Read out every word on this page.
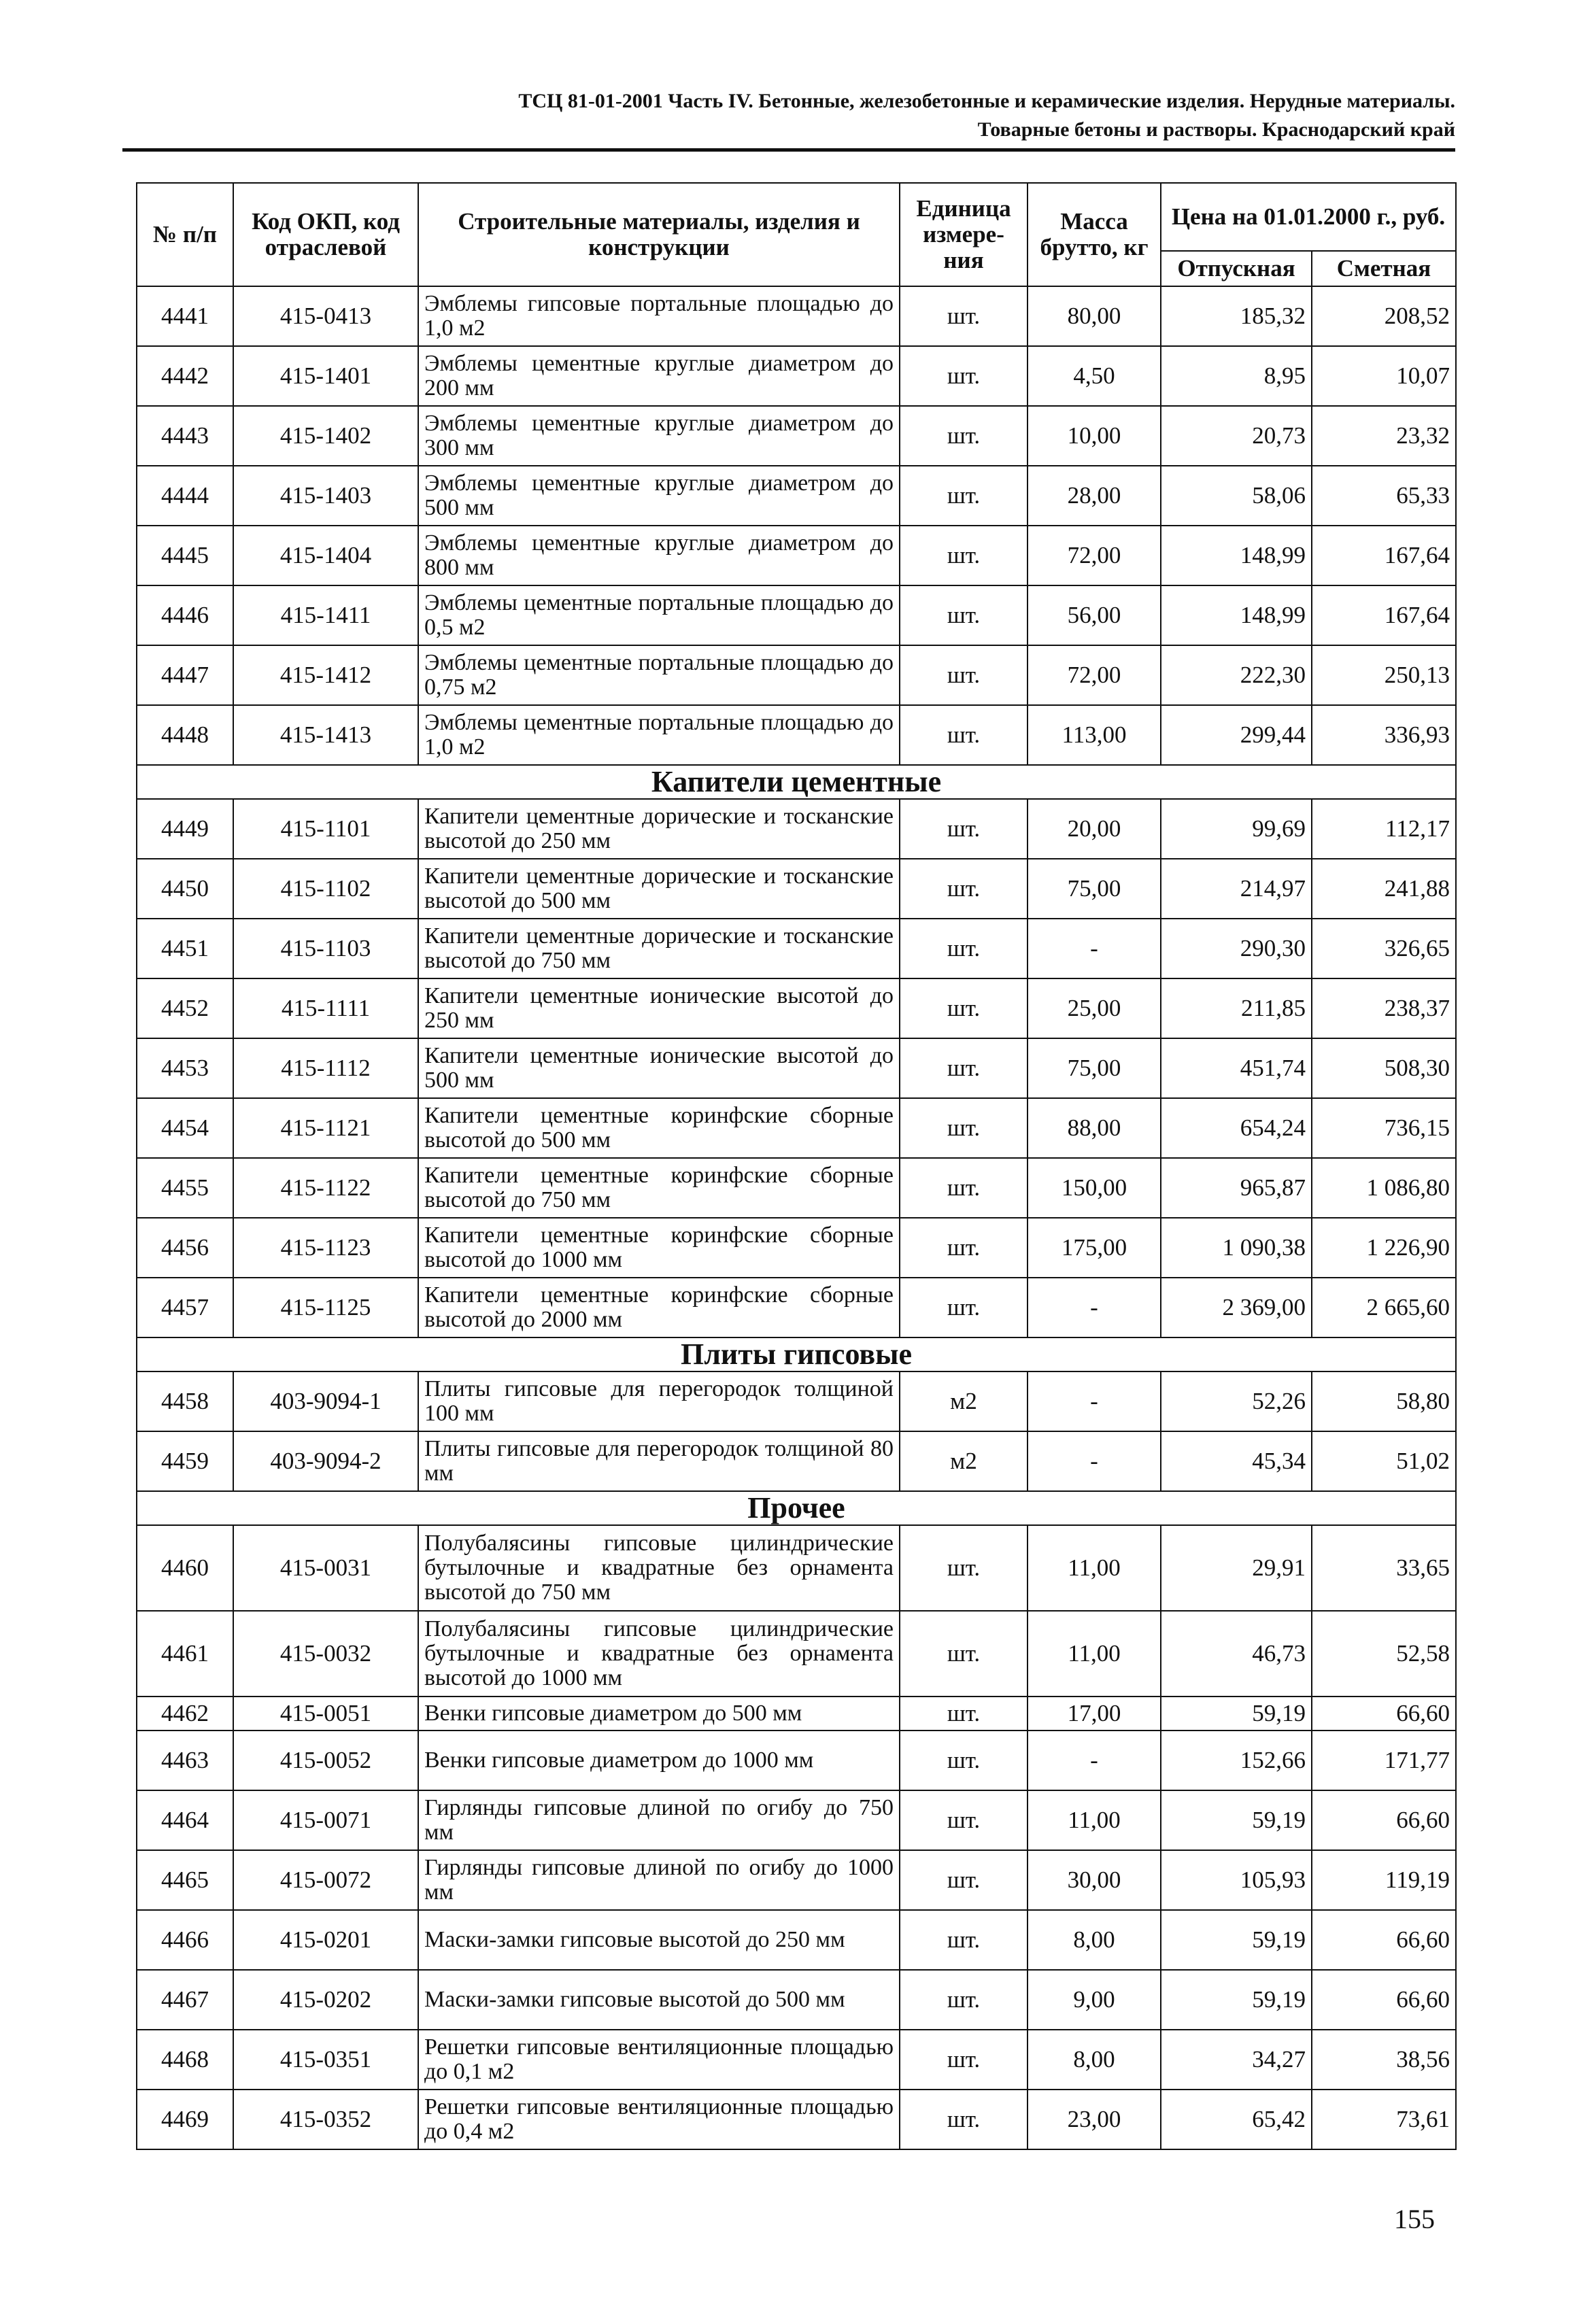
ТСЦ 81-01-2001 Часть IV. Бетонные, железобетонные и керамические изделия. Нерудные материалы.
Товарные бетоны и растворы. Краснодарский край
№ п/п	Код ОКП, код отраслевой	Строительные материалы, изделия и конструкции	Единица измере-ния	Масса брутто, кг	Цена на 01.01.2000 г., руб.	
					Отпускная	Сметная
4441	415-0413	Эмблемы гипсовые портальные площадью до 1,0 м2	шт.	80,00	185,32	208,52
4442	415-1401	Эмблемы цементные круглые диаметром до 200 мм	шт.	4,50	8,95	10,07
4443	415-1402	Эмблемы цементные круглые диаметром до 300 мм	шт.	10,00	20,73	23,32
4444	415-1403	Эмблемы цементные круглые диаметром до 500 мм	шт.	28,00	58,06	65,33
4445	415-1404	Эмблемы цементные круглые диаметром до 800 мм	шт.	72,00	148,99	167,64
4446	415-1411	Эмблемы цементные портальные площадью до 0,5 м2	шт.	56,00	148,99	167,64
4447	415-1412	Эмблемы цементные портальные площадью до 0,75 м2	шт.	72,00	222,30	250,13
4448	415-1413	Эмблемы цементные портальные площадью до 1,0 м2	шт.	113,00	299,44	336,93
Капители цементные						
4449	415-1101	Капители цементные дорические и тосканские высотой до 250 мм	шт.	20,00	99,69	112,17
4450	415-1102	Капители цементные дорические и тосканские высотой до 500 мм	шт.	75,00	214,97	241,88
4451	415-1103	Капители цементные дорические и тосканские высотой до 750 мм	шт.	-	290,30	326,65
4452	415-1111	Капители цементные ионические высотой до 250 мм	шт.	25,00	211,85	238,37
4453	415-1112	Капители цементные ионические высотой до 500 мм	шт.	75,00	451,74	508,30
4454	415-1121	Капители цементные коринфские сборные высотой до 500 мм	шт.	88,00	654,24	736,15
4455	415-1122	Капители цементные коринфские сборные высотой до 750 мм	шт.	150,00	965,87	1 086,80
4456	415-1123	Капители цементные коринфские сборные высотой до 1000 мм	шт.	175,00	1 090,38	1 226,90
4457	415-1125	Капители цементные коринфские сборные высотой до 2000 мм	шт.	-	2 369,00	2 665,60
Плиты гипсовые						
4458	403-9094-1	Плиты гипсовые для перегородок толщиной 100 мм	м2	-	52,26	58,80
4459	403-9094-2	Плиты гипсовые для перегородок толщиной 80 мм	м2	-	45,34	51,02
Прочее						
4460	415-0031	Полубалясины гипсовые цилиндрические бутылочные и квадратные без орнамента высотой до 750 мм	шт.	11,00	29,91	33,65
4461	415-0032	Полубалясины гипсовые цилиндрические бутылочные и квадратные без орнамента высотой до 1000 мм	шт.	11,00	46,73	52,58
4462	415-0051	Венки гипсовые диаметром до 500 мм	шт.	17,00	59,19	66,60
4463	415-0052	Венки гипсовые диаметром до 1000 мм	шт.	-	152,66	171,77
4464	415-0071	Гирлянды гипсовые длиной по огибу до 750 мм	шт.	11,00	59,19	66,60
4465	415-0072	Гирлянды гипсовые длиной по огибу до 1000 мм	шт.	30,00	105,93	119,19
4466	415-0201	Маски-замки гипсовые высотой до 250 мм	шт.	8,00	59,19	66,60
4467	415-0202	Маски-замки гипсовые высотой до 500 мм	шт.	9,00	59,19	66,60
4468	415-0351	Решетки гипсовые вентиляционные площадью до 0,1 м2	шт.	8,00	34,27	38,56
4469	415-0352	Решетки гипсовые вентиляционные площадью до 0,4 м2	шт.	23,00	65,42	73,61
155
